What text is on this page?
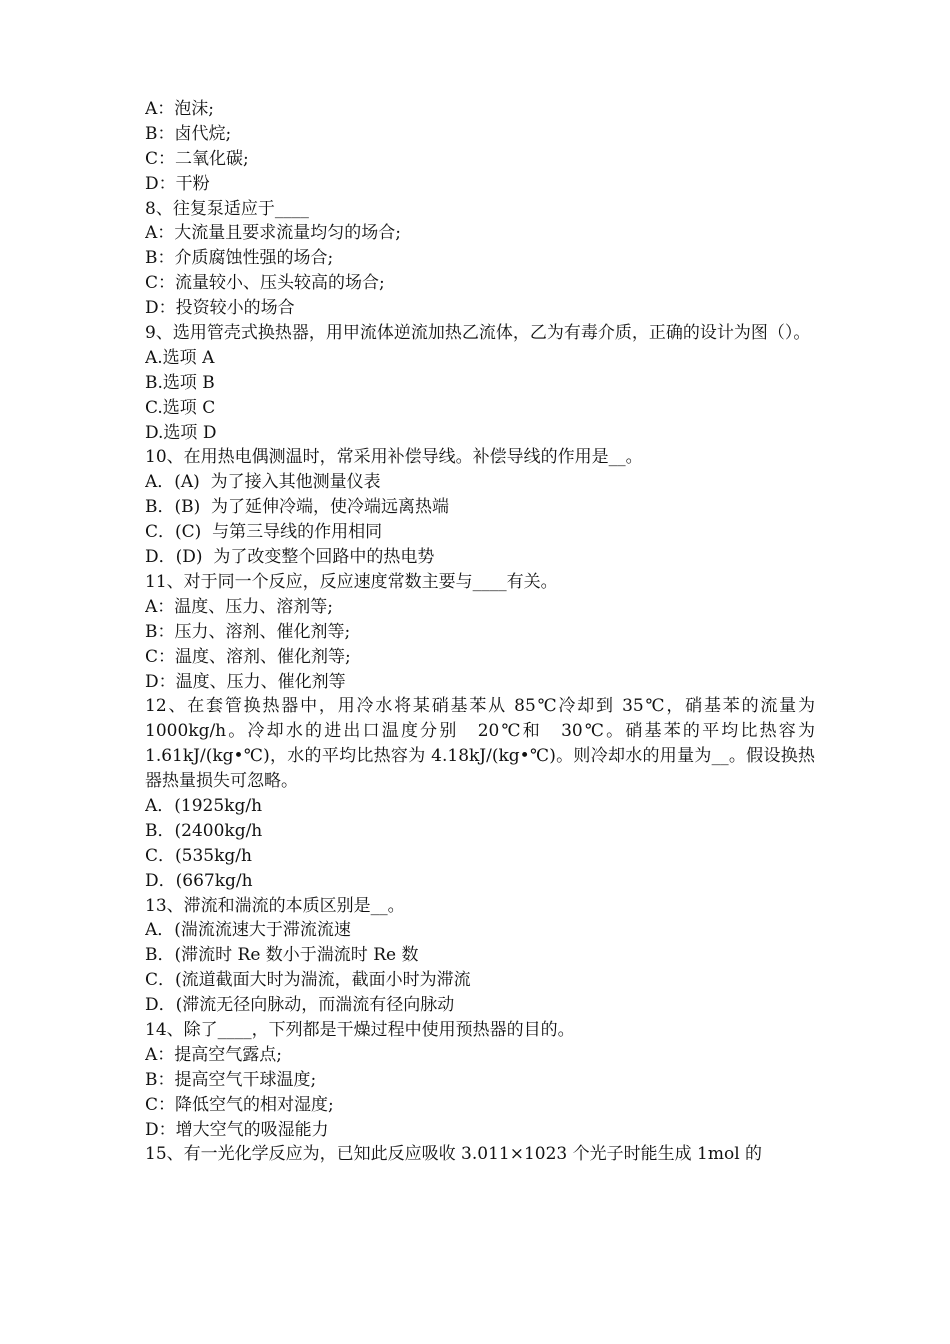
A：泡沫;
B：卤代烷;
C：二氧化碳;
D：干粉
8、往复泵适应于____
A：大流量且要求流量均匀的场合;
B：介质腐蚀性强的场合;
C：流量较小、压头较高的场合;
D：投资较小的场合
9、选用管壳式换热器，用甲流体逆流加热乙流体，乙为有毒介质，正确的设计为图（）。
A.选项 A
B.选项 B
C.选项 C
D.选项 D
10、在用热电偶测温时，常采用补偿导线。补偿导线的作用是__。
A．(A)  为了接入其他测量仪表
B．(B)  为了延伸冷端，使冷端远离热端
C．(C)  与第三导线的作用相同
D．(D)  为了改变整个回路中的热电势
11、对于同一个反应，反应速度常数主要与____有关。
A：温度、压力、溶剂等;
B：压力、溶剂、催化剂等;
C：温度、溶剂、催化剂等;
D：温度、压力、催化剂等
12、在套管换热器中，用冷水将某硝基苯从 85℃冷却到 35℃，硝基苯的流量为 1000kg/h。冷却水的进出口温度分别　20℃和　30℃。硝基苯的平均比热容为 1.61kJ/(kg•℃)，水的平均比热容为 4.18kJ/(kg•℃)。则冷却水的用量为__。假设换热器热量损失可忽略。
A．(1925kg/h
B．(2400kg/h
C．(535kg/h
D．(667kg/h
13、滞流和湍流的本质区别是__。
A．(湍流流速大于滞流流速
B．(滞流时 Re 数小于湍流时 Re 数
C．(流道截面大时为湍流，截面小时为滞流
D．(滞流无径向脉动，而湍流有径向脉动
14、除了____，下列都是干燥过程中使用预热器的目的。
A：提高空气露点;
B：提高空气干球温度;
C：降低空气的相对湿度;
D：增大空气的吸湿能力
15、有一光化学反应为，已知此反应吸收 3.011×1023 个光子时能生成 1mol 的
